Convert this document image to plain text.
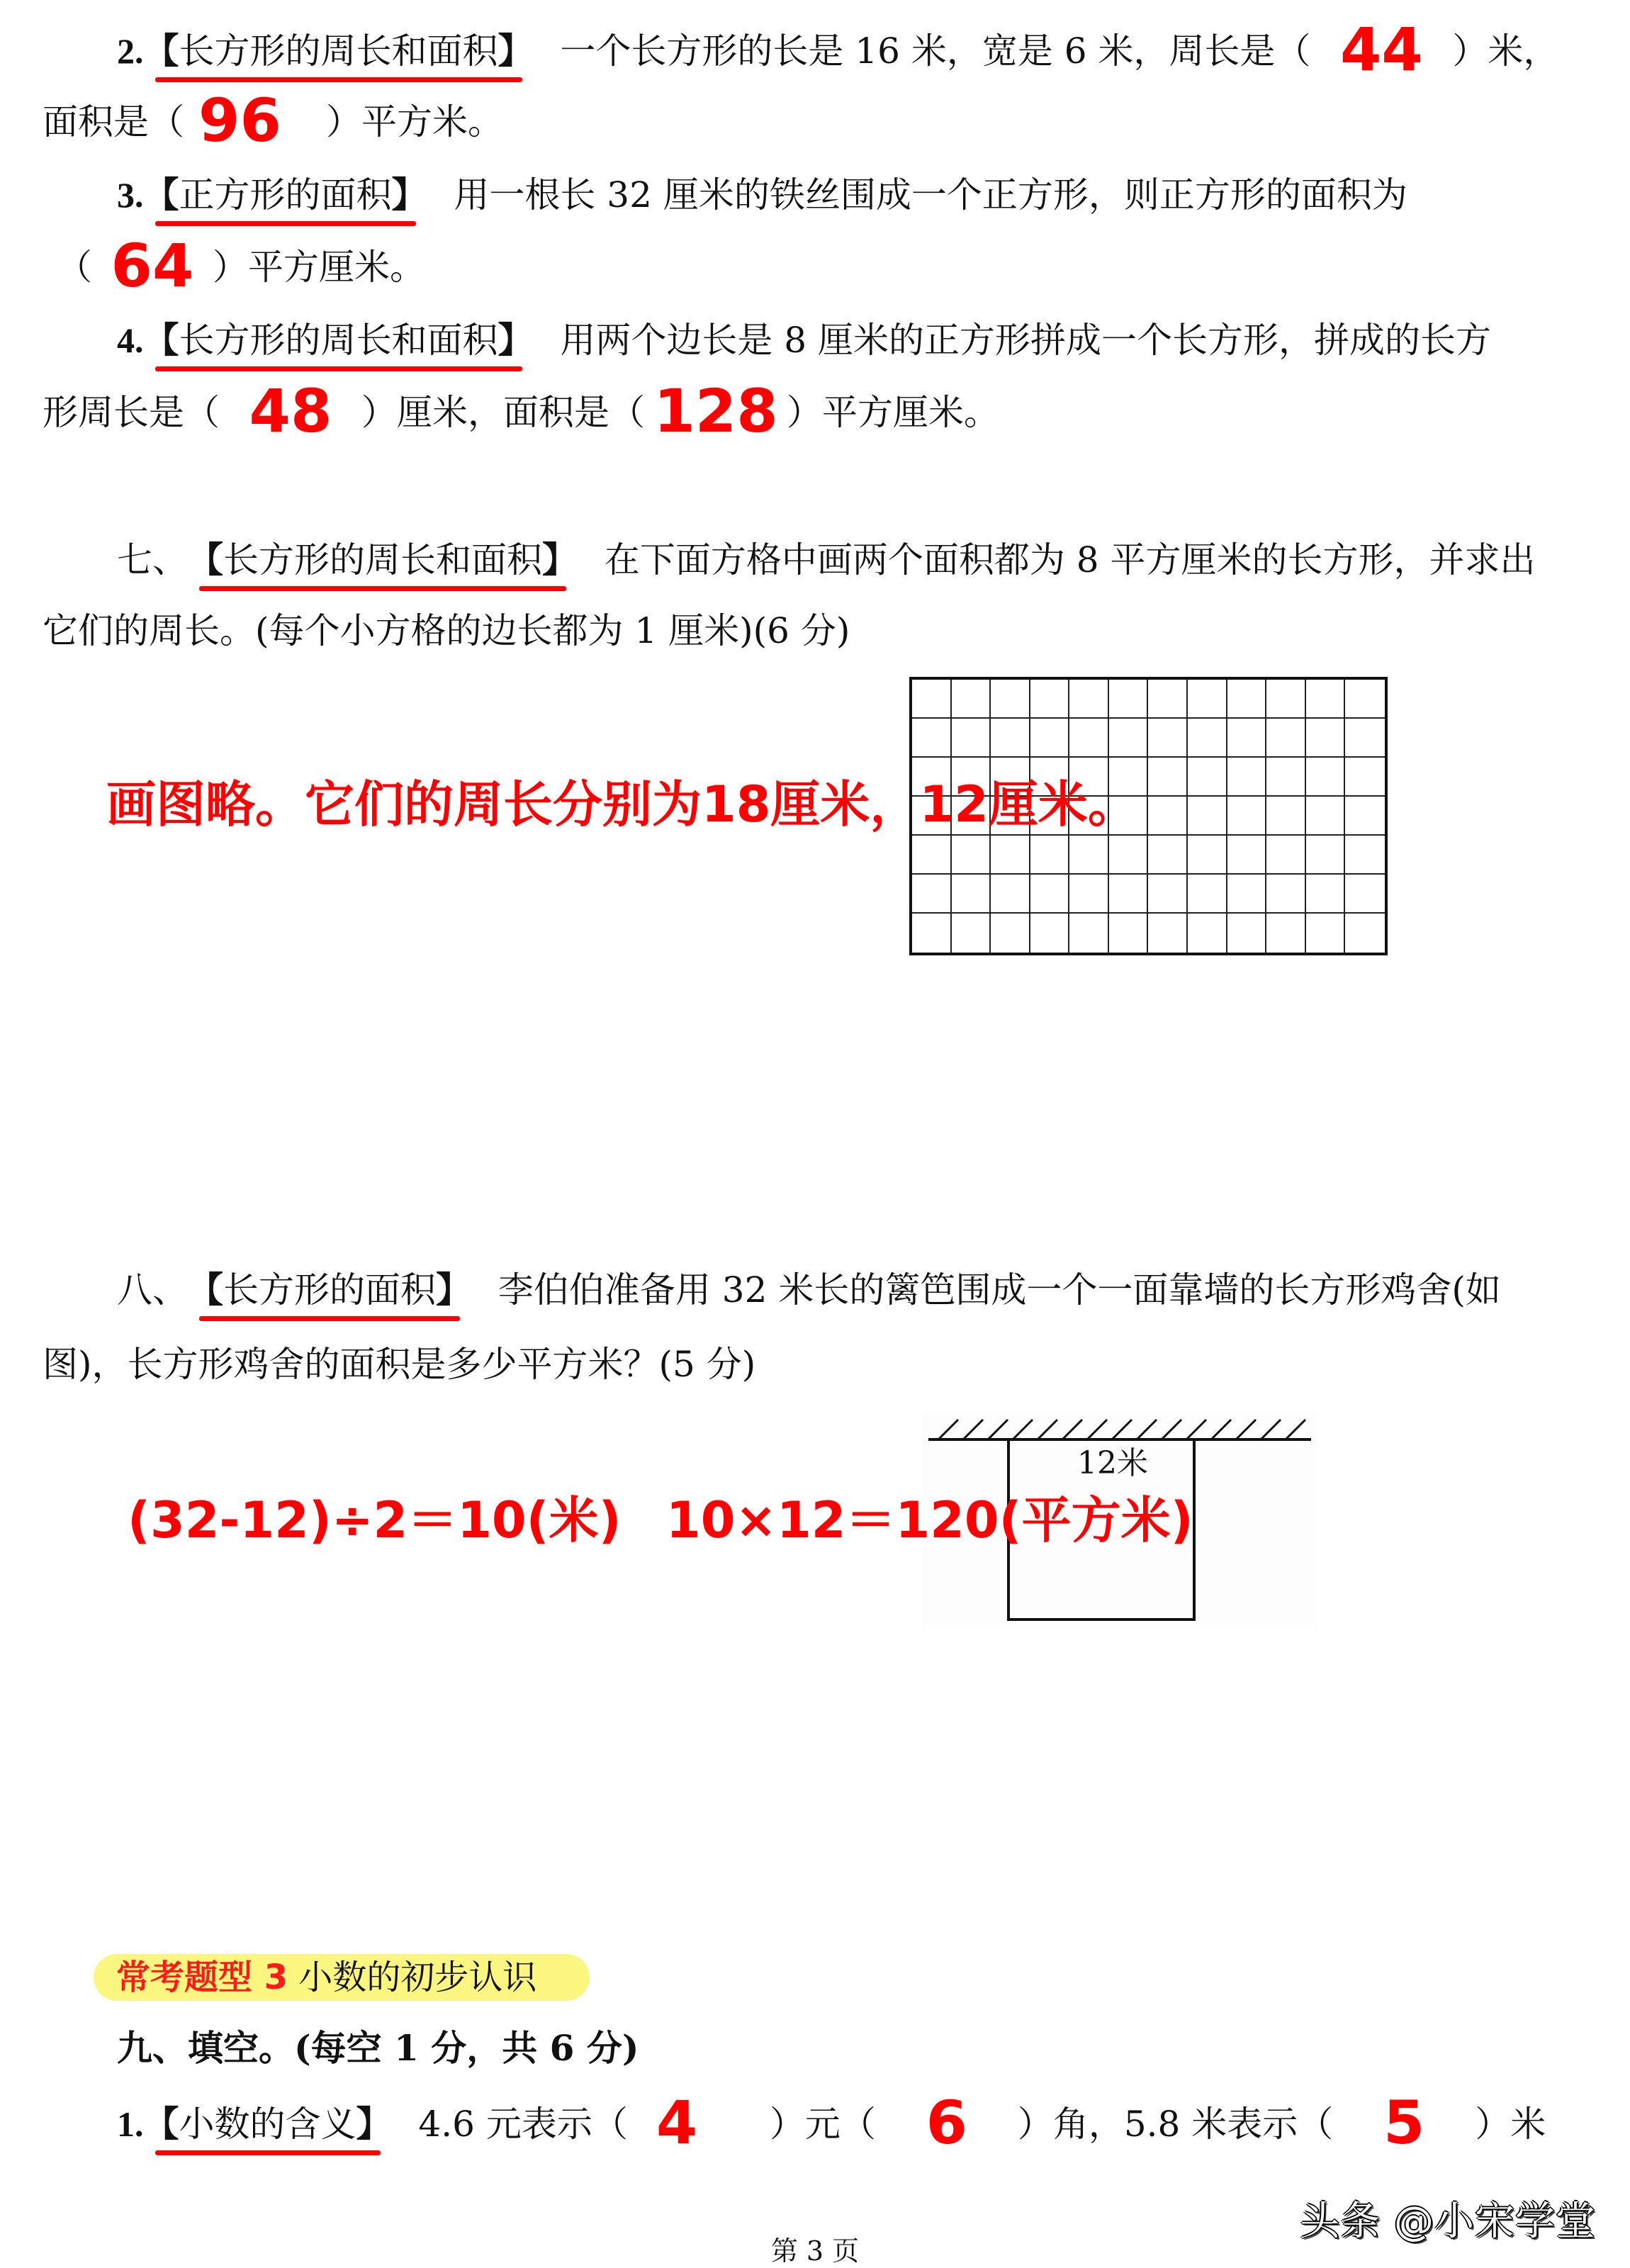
2.【长方形的周长和面积】 一个长方形的长是 16 米，宽是 6 米，周长是（ 44 ）米，
面积是（ 96 ）平方米。
3.【正方形的面积】 用一根长 32 厘米的铁丝围成一个正方形，则正方形的面积为
（ 64 ）平方厘米。
4.【长方形的周长和面积】 用两个边长是 8 厘米的正方形拼成一个长方形，拼成的长方
形周长是（ 48 ）厘米，面积是（ 128 ）平方厘米。
七、【长方形的周长和面积】 在下面方格中画两个面积都为 8 平方厘米的长方形，并求出
它们的周长。(每个小方格的边长都为 1 厘米)(6 分)
画图略。它们的周长分别为18厘米，12厘米。
八、【长方形的面积】 李伯伯准备用 32 米长的篱笆围成一个一面靠墙的长方形鸡舍(如
图)，长方形鸡舍的面积是多少平方米？(5 分)
12米
(32-12)÷2＝10(米) 10×12＝120(平方米)
常考题型 3 小数的初步认识
九、填空。(每空 1 分，共 6 分)
1.【小数的含义】 4.6 元表示（ 4 ）元（ 6 ）角，5.8 米表示（ 5 ）米
第 3 页
头条 @小宋学堂
